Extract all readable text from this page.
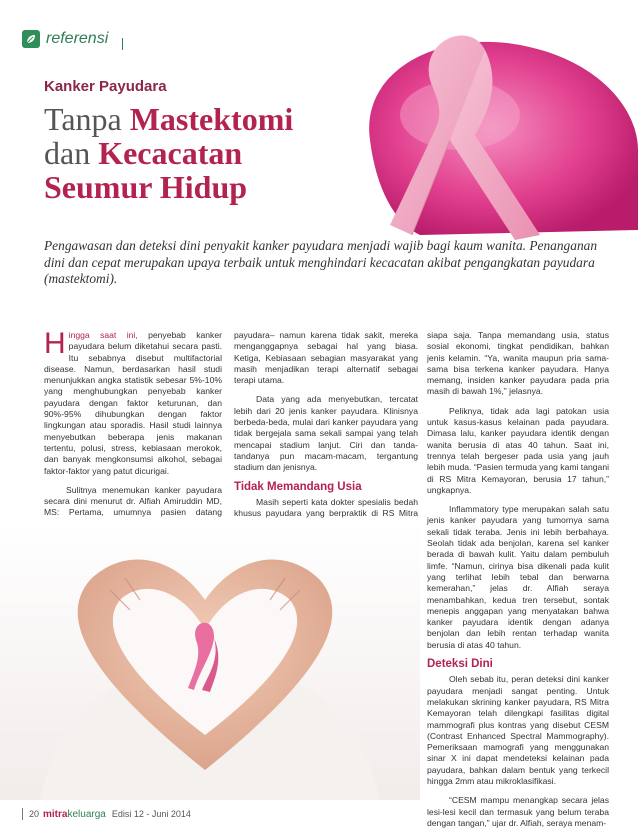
referensi
Kanker Payudara
Tanpa Mastektomi
dan Kecacatan
Seumur Hidup
Pengawasan dan deteksi dini penyakit kanker payudara menjadi wajib bagi kaum wanita. Penanganan dini dan cepat merupakan upaya terbaik untuk menghindari kecacatan akibat pengangkatan payudara (mastektomi).

Hingga saat ini, penyebab kanker payudara belum diketahui secara pasti. Itu sebabnya disebut multifactorial disease. Namun, berdasarkan hasil studi menunjukkan angka statistik sebesar 5%-10% yang menghubungkan penyebab kanker payudara dengan faktor keturunan, dan 90%-95% dihubungkan dengan faktor lingkungan atau sporadis. Hasil studi lainnya menyebutkan beberapa jenis makanan tertentu, polusi, stress, kebiasaan merokok, dan banyak mengkonsumsi alkohol, sebagai faktor-faktor yang patut dicurigai.

Sulitnya menemukan kanker payudara secara dini menurut dr. Alfiah Amiruddin MD, MS: Pertama, umumnya pasien datang

payudara– namun karena tidak sakit, mereka menganggapnya sebagai hal yang biasa. Ketiga, Kebiasaan sebagian masyarakat yang masih menjadikan terapi alternatif sebagai terapi utama.

Data yang ada menyebutkan, tercatat lebih dari 20 jenis kanker payudara. Klinisnya berbeda-beda, mulai dari kanker payudara yang tidak bergejala sama sekali sampai yang telah mencapai stadium lanjut. Ciri dan tanda-tandanya pun macam-macam, tergantung stadium dan jenisnya.

Tidak Memandang Usia

Masih seperti kata dokter spesialis bedah khusus payudara yang berpraktik di RS Mitra

siapa saja. Tanpa memandang usia, status sosial ekonomi, tingkat pendidikan, bahkan jenis kelamin. “Ya, wanita maupun pria sama-sama bisa terkena kanker payudara. Hanya memang, insiden kanker payudara pada pria masih di bawah 1%,” jelasnya.

Peliknya, tidak ada lagi patokan usia untuk kasus-kasus kelainan pada payudara. Dimasa lalu, kanker payudara identik dengan wanita berusia di atas 40 tahun. Saat ini, trennya telah bergeser pada usia yang jauh lebih muda. “Pasien termuda yang kami tangani di RS Mitra Kemayoran, berusia 17 tahun,” ungkapnya.

Inflammatory type merupakan salah satu jenis kanker payudara yang tumornya sama sekali tidak teraba. Jenis ini lebih berbahaya. Seolah tidak ada benjolan, karena sel kanker berada di bawah kulit. Yaitu dalam pembuluh limfe. “Namun, cirinya bisa dikenali pada kulit yang terlihat lebih tebal dan berwarna kemerahan,” jelas dr. Alfiah seraya menambahkan, kedua tren tersebut, sontak menepis anggapan yang menyatakan bahwa kanker payudara identik dengan adanya benjolan dan lebih rentan terhadap wanita berusia di atas 40 tahun.

Deteksi Dini

Oleh sebab itu, peran deteksi dini kanker payudara menjadi sangat penting. Untuk melakukan skrining kanker payudara, RS Mitra Kemayoran telah dilengkapi fasilitas digital mammografi plus kontras yang disebut CESM (Contrast Enhanced Spectral Mammography). Pemeriksaan mamografi yang menggunakan sinar X ini dapat mendeteksi kelainan pada payudara, bahkan dalam bentuk yang terkecil hingga 2mm atau mikroklasifikasi.

“CESM mampu menangkap secara jelas lesi-lesi kecil dan termasuk yang belum teraba dengan tangan,” ujar dr. Alfiah, seraya menam-

20 mitra keluarga Edisi 12 - Juni 2014
